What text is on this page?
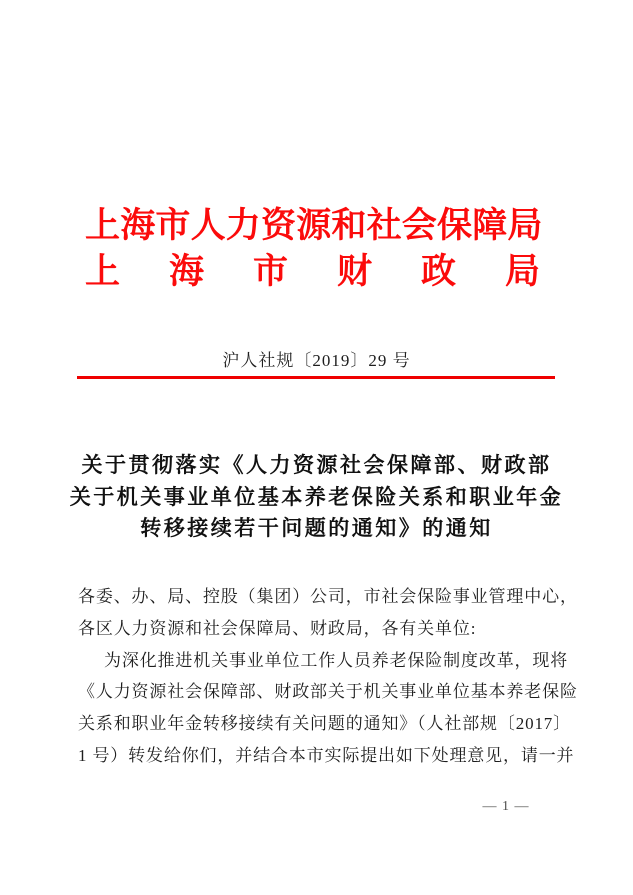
上海市人力资源和社会保障局
上海市财政局
沪人社规〔2019〕29 号
关于贯彻落实《人力资源社会保障部、财政部
关于机关事业单位基本养老保险关系和职业年金
转移接续若干问题的通知》的通知
各委、办、局、控股（集团）公司，市社会保险事业管理中心，
各区人力资源和社会保障局、财政局，各有关单位:
为深化推进机关事业单位工作人员养老保险制度改革，现将
《人力资源社会保障部、财政部关于机关事业单位基本养老保险
关系和职业年金转移接续有关问题的通知》（人社部规〔2017〕
1 号）转发给你们，并结合本市实际提出如下处理意见，请一并
— 1 —
